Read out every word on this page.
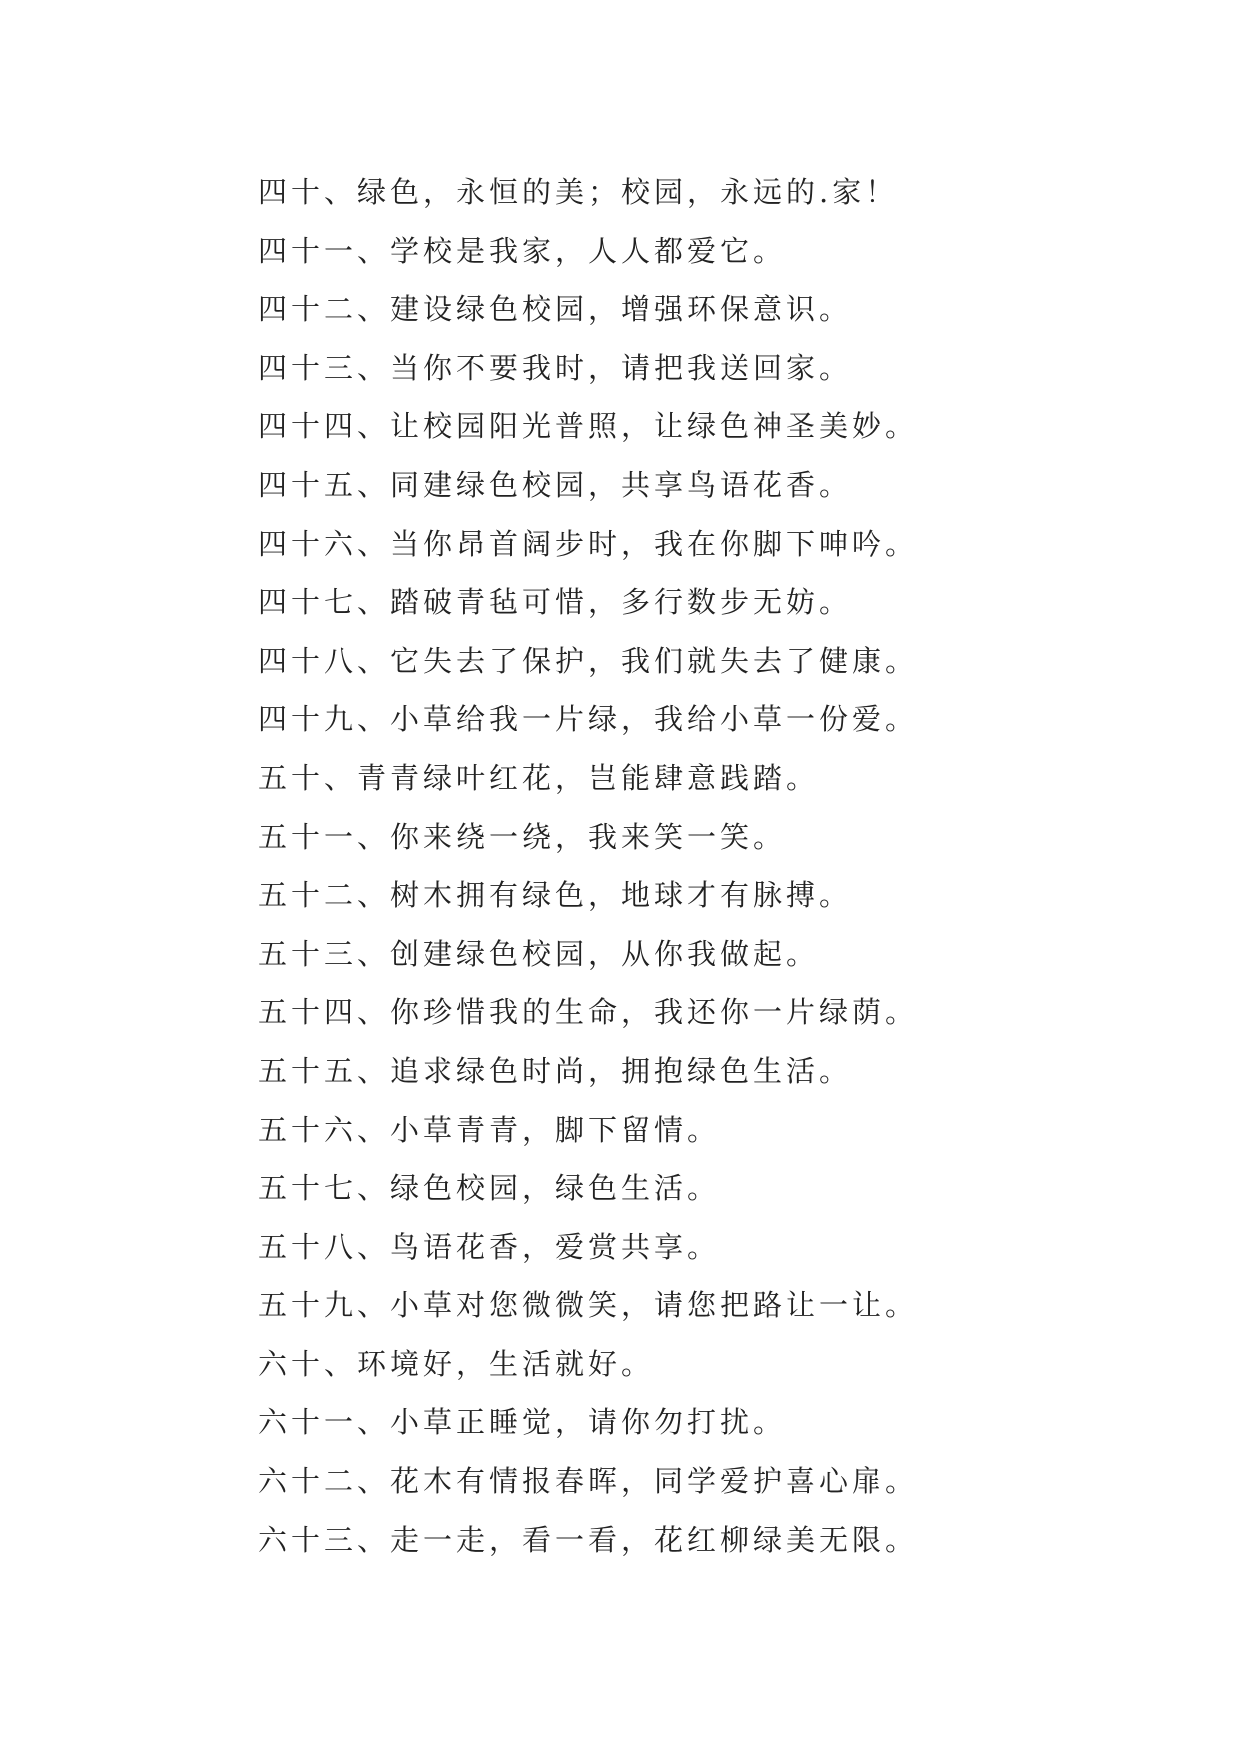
四十、绿色，永恒的美；校园，永远的.家！
四十一、学校是我家，人人都爱它。
四十二、建设绿色校园，增强环保意识。
四十三、当你不要我时，请把我送回家。
四十四、让校园阳光普照，让绿色神圣美妙。
四十五、同建绿色校园，共享鸟语花香。
四十六、当你昂首阔步时，我在你脚下呻吟。
四十七、踏破青毡可惜，多行数步无妨。
四十八、它失去了保护，我们就失去了健康。
四十九、小草给我一片绿，我给小草一份爱。
五十、青青绿叶红花，岂能肆意践踏。
五十一、你来绕一绕，我来笑一笑。
五十二、树木拥有绿色，地球才有脉搏。
五十三、创建绿色校园，从你我做起。
五十四、你珍惜我的生命，我还你一片绿荫。
五十五、追求绿色时尚，拥抱绿色生活。
五十六、小草青青，脚下留情。
五十七、绿色校园，绿色生活。
五十八、鸟语花香，爱赏共享。
五十九、小草对您微微笑，请您把路让一让。
六十、环境好，生活就好。
六十一、小草正睡觉，请你勿打扰。
六十二、花木有情报春晖，同学爱护喜心扉。
六十三、走一走，看一看，花红柳绿美无限。
